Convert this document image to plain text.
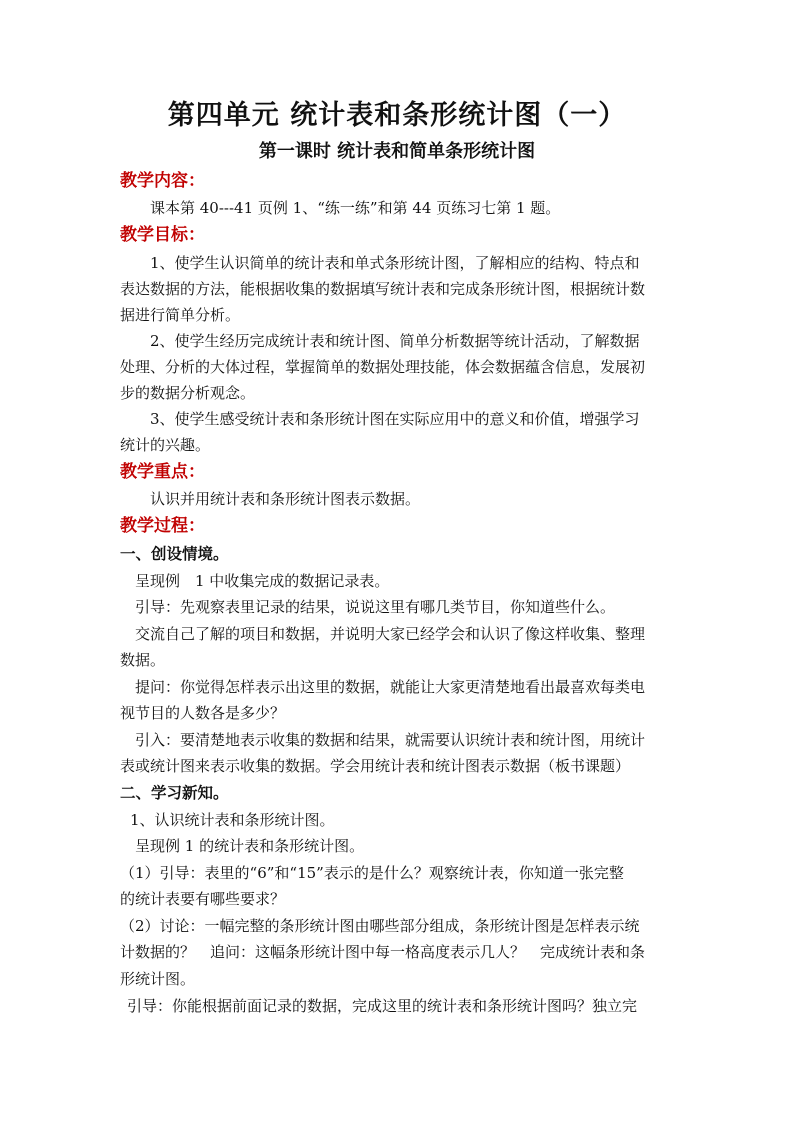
第四单元 统计表和条形统计图（一）
第一课时 统计表和简单条形统计图
教学内容：
课本第 40---41 页例 1、“练一练”和第 44 页练习七第 1 题。
教学目标：
1、使学生认识简单的统计表和单式条形统计图，了解相应的结构、特点和
表达数据的方法，能根据收集的数据填写统计表和完成条形统计图，根据统计数
据进行简单分析。
2、使学生经历完成统计表和统计图、简单分析数据等统计活动，了解数据
处理、分析的大体过程，掌握简单的数据处理技能，体会数据蕴含信息，发展初
步的数据分析观念。
3、使学生感受统计表和条形统计图在实际应用中的意义和价值，增强学习
统计的兴趣。
教学重点：
认识并用统计表和条形统计图表示数据。
教学过程：
一、创设情境。
呈现例　1 中收集完成的数据记录表。
引导：先观察表里记录的结果，说说这里有哪几类节目，你知道些什么。
交流自己了解的项目和数据，并说明大家已经学会和认识了像这样收集、整理
数据。
提问：你觉得怎样表示出这里的数据，就能让大家更清楚地看出最喜欢每类电
视节目的人数各是多少？
引入：要清楚地表示收集的数据和结果，就需要认识统计表和统计图，用统计
表或统计图来表示收集的数据。学会用统计表和统计图表示数据（板书课题）
二、学习新知。
1、认识统计表和条形统计图。
呈现例 1 的统计表和条形统计图。
（1）引导：表里的“6”和“15”表示的是什么？观察统计表，你知道一张完整
的统计表要有哪些要求？
（2）讨论：一幅完整的条形统计图由哪些部分组成，条形统计图是怎样表示统
计数据的？　追问：这幅条形统计图中每一格高度表示几人？　完成统计表和条
形统计图。
引导：你能根据前面记录的数据，完成这里的统计表和条形统计图吗？独立完
